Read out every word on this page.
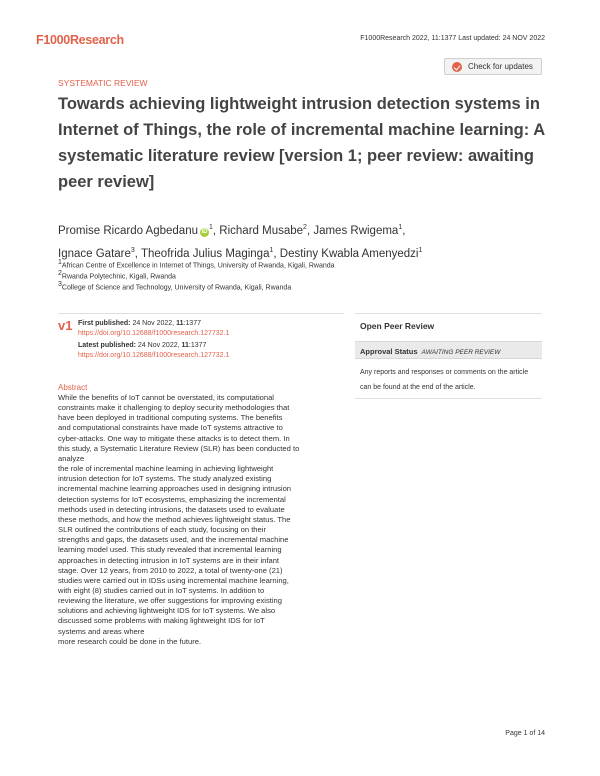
F1000Research	F1000Research 2022, 11:1377 Last updated: 24 NOV 2022
SYSTEMATIC REVIEW
Check for updates
Towards achieving lightweight intrusion detection systems in Internet of Things, the role of incremental machine learning: A systematic literature review [version 1; peer review: awaiting peer review]
Promise Ricardo Agbedanu $iD^1$, Richard Musabe$^2$, James Rwigema$^1$,
Ignace Gatare$^3$, Theofrida Julius Maginga$^1$, Destiny Kwabla Amenyedzi$^1$
$^1$African Centre of Excellence in Internet of Things, University of Rwanda, Kigali, Rwanda
$^2$Rwanda Polytechnic, Kigali, Rwanda
$^3$College of Science and Technology, University of Rwanda, Kigali, Rwanda
v1 First published: 24 Nov 2022, 11:1377
https://doi.org/10.12688/f1000research.127732.1
Latest published: 24 Nov 2022, 11:1377
https://doi.org/10.12688/f1000research.127732.1
Open Peer Review
Approval Status AWAITING PEER REVIEW
Any reports and responses or comments on the article can be found at the end of the article.
Abstract
While the benefits of IoT cannot be overstated, its computational
constraints make it challenging to deploy security methodologies that
have been deployed in traditional computing systems. The benefits
and computational constraints have made IoT systems attractive to
cyber-attacks. One way to mitigate these attacks is to detect them. In
this study, a Systematic Literature Review (SLR) has been conducted to
analyze
the role of incremental machine learning in achieving lightweight
intrusion detection for IoT systems. The study analyzed existing
incremental machine learning approaches used in designing intrusion
detection systems for IoT ecosystems, emphasizing the incremental
methods used in detecting intrusions, the datasets used to evaluate
these methods, and how the method achieves lightweight status. The
SLR outlined the contributions of each study, focusing on their
strengths and gaps, the datasets used, and the incremental machine
learning model used. This study revealed that incremental learning
approaches in detecting intrusion in IoT systems are in their infant
stage. Over 12 years, from 2010 to 2022, a total of twenty-one (21)
studies were carried out in IDSs using incremental machine learning,
with eight (8) studies carried out in IoT systems. In addition to
reviewing the literature, we offer suggestions for improving existing
solutions and achieving lightweight IDS for IoT systems. We also
discussed some problems with making lightweight IDS for IoT
systems and areas where
more research could be done in the future.
Page 1 of 14
